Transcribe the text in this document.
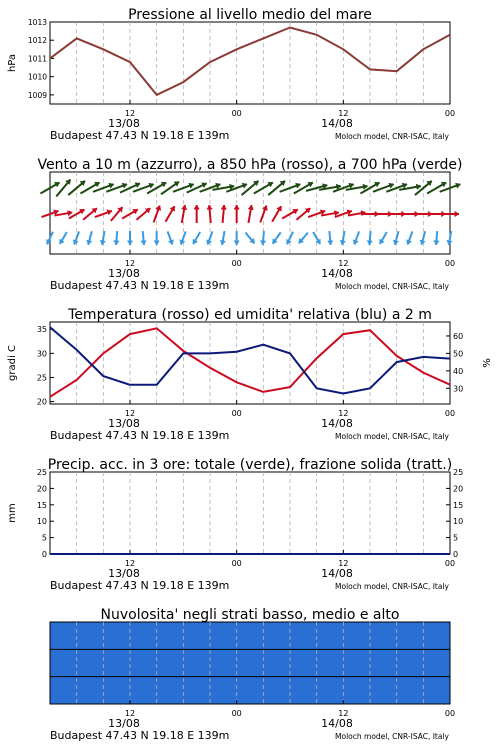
12	00	12	00
13/08	14/08
Budapest 47.43 N 19.18 E 139m	Moloch model, CNR-ISAC, Italy
Pressione al livello medio del mare
1013
1012
1011
1010
1009
hPa
12	00	12	00
13/08	14/08
Budapest 47.43 N 19.18 E 139m	Moloch model, CNR-ISAC, Italy
Vento a 10 m (azzurro), a 850 hPa (rosso), a 700 hPa (verde)
12	00	12	00
13/08	14/08
Budapest 47.43 N 19.18 E 139m	Moloch model, CNR-ISAC, Italy
Temperatura (rosso) ed umidita' relativa (blu) a 2 m
35
30
25
20
60
50
40
30
gradi C	%
12	00	12	00
13/08	14/08
Budapest 47.43 N 19.18 E 139m	Moloch model, CNR-ISAC, Italy
Precip. acc. in 3 ore: totale (verde), frazione solida (tratt.)
25	25
20	20
15	15
10	10
5	5
0	0
mm
12	00	12	00
13/08	14/08
Budapest 47.43 N 19.18 E 139m	Moloch model, CNR-ISAC, Italy
Nuvolosita' negli strati basso, medio e alto
